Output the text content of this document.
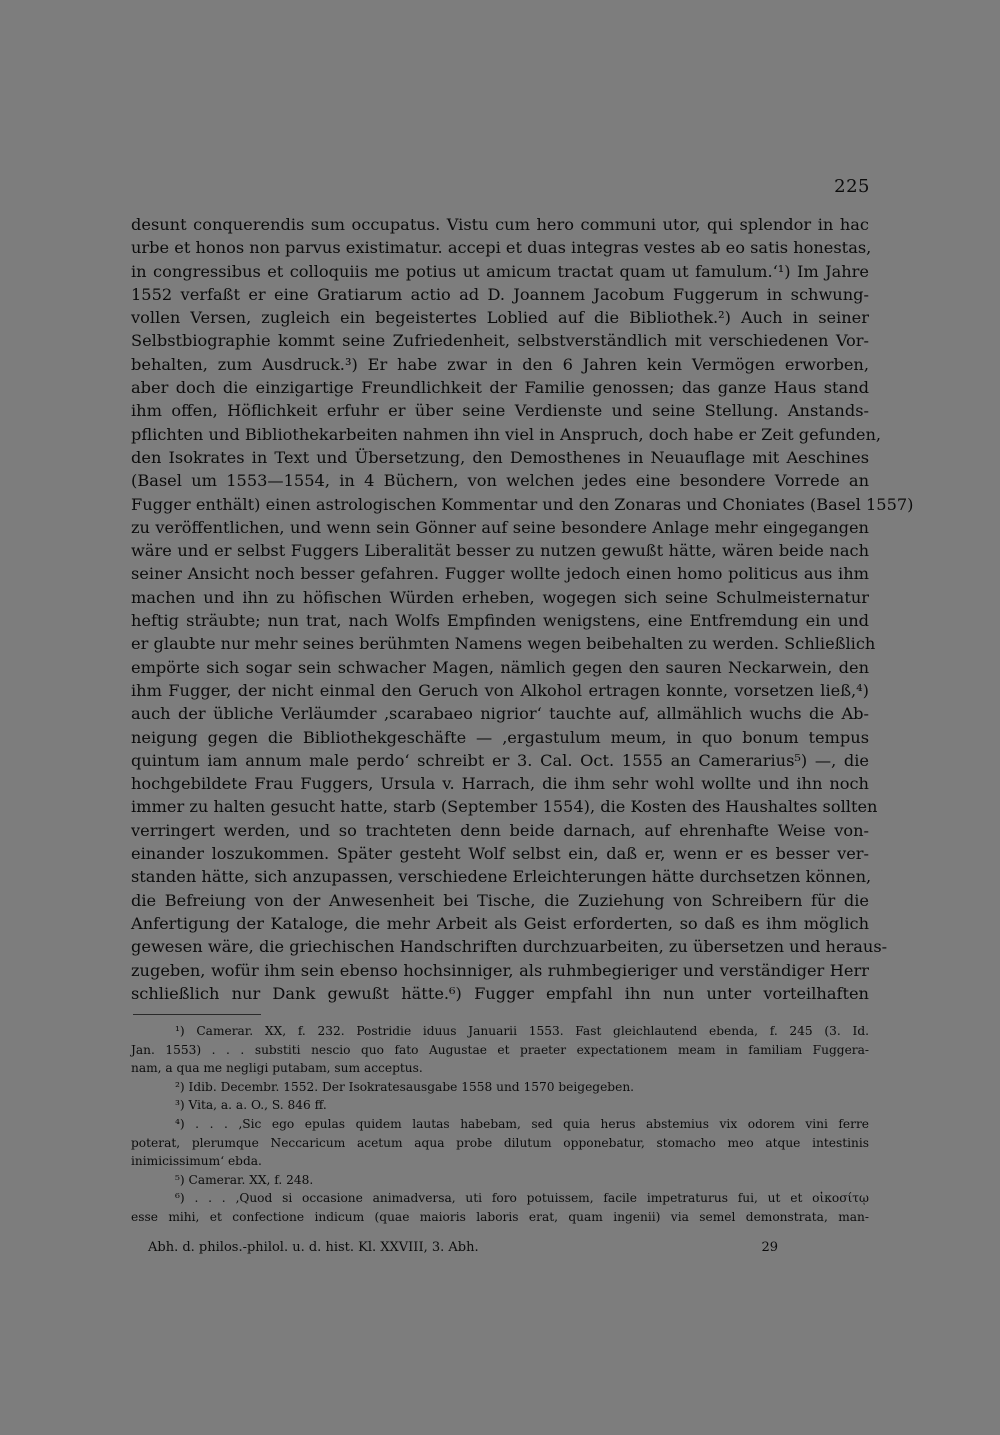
225
desunt conquerendis sum occupatus. Vistu cum hero communi utor, qui splendor in hac
urbe et honos non parvus existimatur. accepi et duas integras vestes ab eo satis honestas,
in congressibus et colloquiis me potius ut amicum tractat quam ut famulum.‘¹) Im Jahre
1552 verfaßt er eine Gratiarum actio ad D. Joannem Jacobum Fuggerum in schwung-
vollen Versen, zugleich ein begeistertes Loblied auf die Bibliothek.²) Auch in seiner
Selbstbiographie kommt seine Zufriedenheit, selbstverständlich mit verschiedenen Vor-
behalten, zum Ausdruck.³) Er habe zwar in den 6 Jahren kein Vermögen erworben,
aber doch die einzigartige Freundlichkeit der Familie genossen; das ganze Haus stand
ihm offen, Höflichkeit erfuhr er über seine Verdienste und seine Stellung. Anstands-
pflichten und Bibliothekarbeiten nahmen ihn viel in Anspruch, doch habe er Zeit gefunden,
den Isokrates in Text und Übersetzung, den Demosthenes in Neuauflage mit Aeschines
(Basel um 1553—1554, in 4 Büchern, von welchen jedes eine besondere Vorrede an
Fugger enthält) einen astrologischen Kommentar und den Zonaras und Choniates (Basel 1557)
zu veröffentlichen, und wenn sein Gönner auf seine besondere Anlage mehr eingegangen
wäre und er selbst Fuggers Liberalität besser zu nutzen gewußt hätte, wären beide nach
seiner Ansicht noch besser gefahren. Fugger wollte jedoch einen homo politicus aus ihm
machen und ihn zu höfischen Würden erheben, wogegen sich seine Schulmeisternatur
heftig sträubte; nun trat, nach Wolfs Empfinden wenigstens, eine Entfremdung ein und
er glaubte nur mehr seines berühmten Namens wegen beibehalten zu werden. Schließlich
empörte sich sogar sein schwacher Magen, nämlich gegen den sauren Neckarwein, den
ihm Fugger, der nicht einmal den Geruch von Alkohol ertragen konnte, vorsetzen ließ,⁴)
auch der übliche Verläumder ‚scarabaeo nigrior‘ tauchte auf, allmählich wuchs die Ab-
neigung gegen die Bibliothekgeschäfte — ‚ergastulum meum, in quo bonum tempus
quintum iam annum male perdo‘ schreibt er 3. Cal. Oct. 1555 an Camerarius⁵) —, die
hochgebildete Frau Fuggers, Ursula v. Harrach, die ihm sehr wohl wollte und ihn noch
immer zu halten gesucht hatte, starb (September 1554), die Kosten des Haushaltes sollten
verringert werden, und so trachteten denn beide darnach, auf ehrenhafte Weise von-
einander loszukommen. Später gesteht Wolf selbst ein, daß er, wenn er es besser ver-
standen hätte, sich anzupassen, verschiedene Erleichterungen hätte durchsetzen können,
die Befreiung von der Anwesenheit bei Tische, die Zuziehung von Schreibern für die
Anfertigung der Kataloge, die mehr Arbeit als Geist erforderten, so daß es ihm möglich
gewesen wäre, die griechischen Handschriften durchzuarbeiten, zu übersetzen und heraus-
zugeben, wofür ihm sein ebenso hochsinniger, als ruhmbegieriger und verständiger Herr
schließlich nur Dank gewußt hätte.⁶) Fugger empfahl ihn nun unter vorteilhaften
¹) Camerar. XX, f. 232. Postridie iduus Januarii 1553. Fast gleichlautend ebenda, f. 245 (3. Id.
Jan. 1553) . . . substiti nescio quo fato Augustae et praeter expectationem meam in familiam Fuggera-
nam, a qua me negligi putabam, sum acceptus.
²) Idib. Decembr. 1552. Der Isokratesausgabe 1558 und 1570 beigegeben.
³) Vita, a. a. O., S. 846 ff.
⁴) . . . ‚Sic ego epulas quidem lautas habebam, sed quia herus abstemius vix odorem vini ferre
poterat, plerumque Neccaricum acetum aqua probe dilutum opponebatur, stomacho meo atque intestinis
inimicissimum‘ ebda.
⁵) Camerar. XX, f. 248.
⁶) . . . ‚Quod si occasione animadversa, uti foro potuissem, facile impetraturus fui, ut et οἰκοσίτῳ
esse mihi, et confectione indicum (quae maioris laboris erat, quam ingenii) via semel demonstrata, man-
Abh. d. philos.-philol. u. d. hist. Kl. XXVIII, 3. Abh.	29
